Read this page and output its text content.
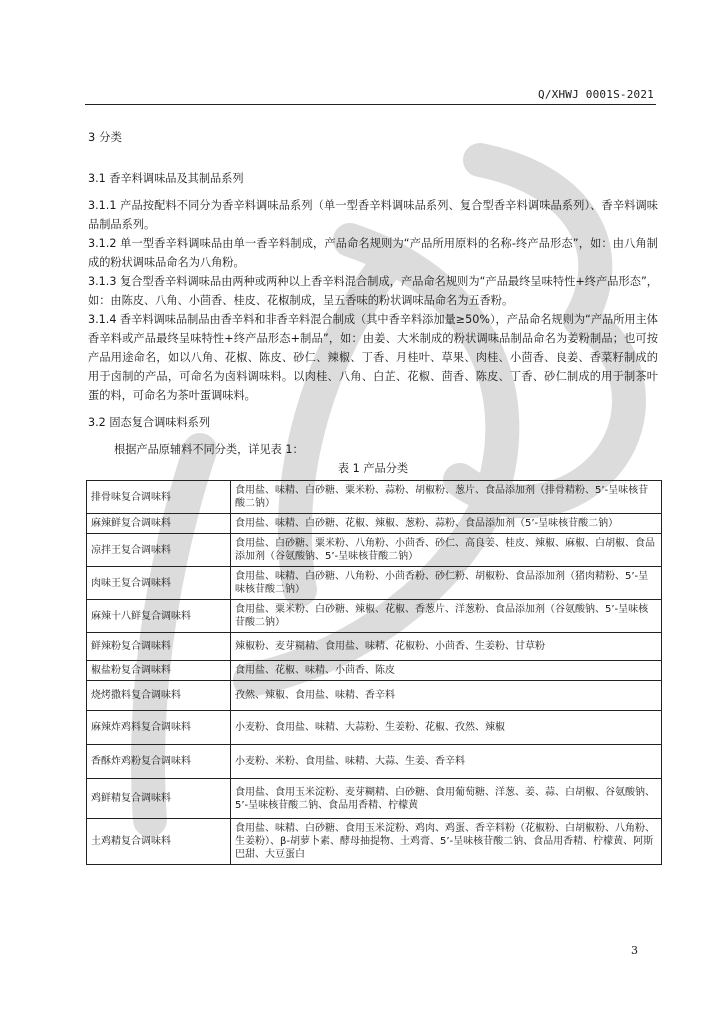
Q/XHWJ 0001S-2021

3 分类

3.1 香辛料调味品及其制品系列

3.1.1 产品按配料不同分为香辛料调味品系列（单一型香辛料调味品系列、复合型香辛料调味品系列）、香辛料调味品制品系列。

3.1.2 单一型香辛料调味品由单一香辛料制成，产品命名规则为“产品所用原料的名称-终产品形态”，如：由八角制成的粉状调味品命名为八角粉。

3.1.3 复合型香辛料调味品由两种或两种以上香辛料混合制成，产品命名规则为“产品最终呈味特性+终产品形态”，如：由陈皮、八角、小茴香、桂皮、花椒制成，呈五香味的粉状调味品命名为五香粉。

3.1.4 香辛料调味品制品由香辛料和非香辛料混合制成（其中香辛料添加量≥50%），产品命名规则为“产品所用主体香辛料或产品最终呈味特性+终产品形态+制品”，如：由姜、大米制成的粉状调味品制品命名为姜粉制品；也可按产品用途命名，如以八角、花椒、陈皮、砂仁、辣椒、丁香、月桂叶、草果、肉桂、小茴香、良姜、香菜籽制成的用于卤制的产品，可命名为卤料调味料。以肉桂、八角、白芷、花椒、茴香、陈皮、丁香、砂仁制成的用于制茶叶蛋的料，可命名为茶叶蛋调味料。

3.2 固态复合调味料系列

根据产品原辅料不同分类，详见表 1：

表 1 产品分类

排骨味复合调味料	食用盐、味精、白砂糖、粟米粉、蒜粉、胡椒粉、葱片、食品添加剂（排骨精粉、5’-呈味核苷酸二钠）
麻辣鲜复合调味料	食用盐、味精、白砂糖、花椒、辣椒、葱粉、蒜粉、食品添加剂（5’-呈味核苷酸二钠）
凉拌王复合调味料	食用盐、白砂糖、粟米粉、八角粉、小茴香、砂仁、高良姜、桂皮、辣椒、麻椒、白胡椒、食品添加剂（谷氨酸钠、5’-呈味核苷酸二钠）
肉味王复合调味料	食用盐、味精、白砂糖、八角粉、小茴香粉、砂仁粉、胡椒粉、食品添加剂（猪肉精粉、5’-呈味核苷酸二钠）
麻辣十八鲜复合调味料	食用盐、粟米粉、白砂糖、辣椒、花椒、香葱片、洋葱粉、食品添加剂（谷氨酸钠、5’-呈味核苷酸二钠）
鲜辣粉复合调味料	辣椒粉、麦芽糊精、食用盐、味精、花椒粉、小茴香、生姜粉、甘草粉
椒盐粉复合调味料	食用盐、花椒、味精、小茴香、陈皮
烧烤撒料复合调味料	孜然、辣椒、食用盐、味精、香辛料
麻辣炸鸡料复合调味料	小麦粉、食用盐、味精、大蒜粉、生姜粉、花椒、孜然、辣椒
香酥炸鸡粉复合调味料	小麦粉、米粉、食用盐、味精、大蒜、生姜、香辛料
鸡鲜精复合调味料	食用盐、食用玉米淀粉、麦芽糊精、白砂糖、食用葡萄糖、洋葱、姜、蒜、白胡椒、谷氨酸钠、5’-呈味核苷酸二钠、食品用香精、柠檬黄
土鸡精复合调味料	食用盐、味精、白砂糖、食用玉米淀粉、鸡肉、鸡蛋、香辛料粉（花椒粉、白胡椒粉、八角粉、生姜粉）、β-胡萝卜素、酵母抽提物、土鸡膏、5’-呈味核苷酸二钠、食品用香精、柠檬黄、阿斯巴甜、大豆蛋白
3
